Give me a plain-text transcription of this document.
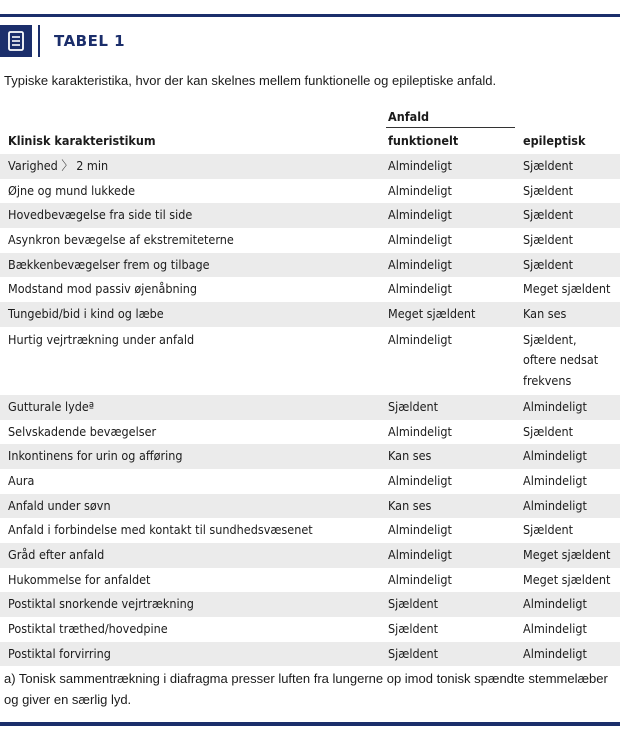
TABEL 1
Typiske karakteristika, hvor der kan skelnes mellem funktionelle og epileptiske anfald.
Anfald
Klinisk karakteristikum	funktionelt	epileptisk
Varighed 〉 2 min	Almindeligt	Sjældent
Øjne og mund lukkede	Almindeligt	Sjældent
Hovedbevægelse fra side til side	Almindeligt	Sjældent
Asynkron bevægelse af ekstremiteterne	Almindeligt	Sjældent
Bækkenbevægelser frem og tilbage	Almindeligt	Sjældent
Modstand mod passiv øjenåbning	Almindeligt	Meget sjældent
Tungebid/bid i kind og læbe	Meget sjældent	Kan ses
Hurtig vejrtrækning under anfald	Almindeligt	Sjældent,
oftere nedsat
frekvens
Gutturale lydeª	Sjældent	Almindeligt
Selvskadende bevægelser	Almindeligt	Sjældent
Inkontinens for urin og afføring	Kan ses	Almindeligt
Aura	Almindeligt	Almindeligt
Anfald under søvn	Kan ses	Almindeligt
Anfald i forbindelse med kontakt til sundhedsvæsenet	Almindeligt	Sjældent
Gråd efter anfald	Almindeligt	Meget sjældent
Hukommelse for anfaldet	Almindeligt	Meget sjældent
Postiktal snorkende vejrtrækning	Sjældent	Almindeligt
Postiktal træthed/hovedpine	Sjældent	Almindeligt
Postiktal forvirring	Sjældent	Almindeligt
a) Tonisk sammentrækning i diafragma presser luften fra lungerne op imod tonisk spændte stemmelæber og giver en særlig lyd.
